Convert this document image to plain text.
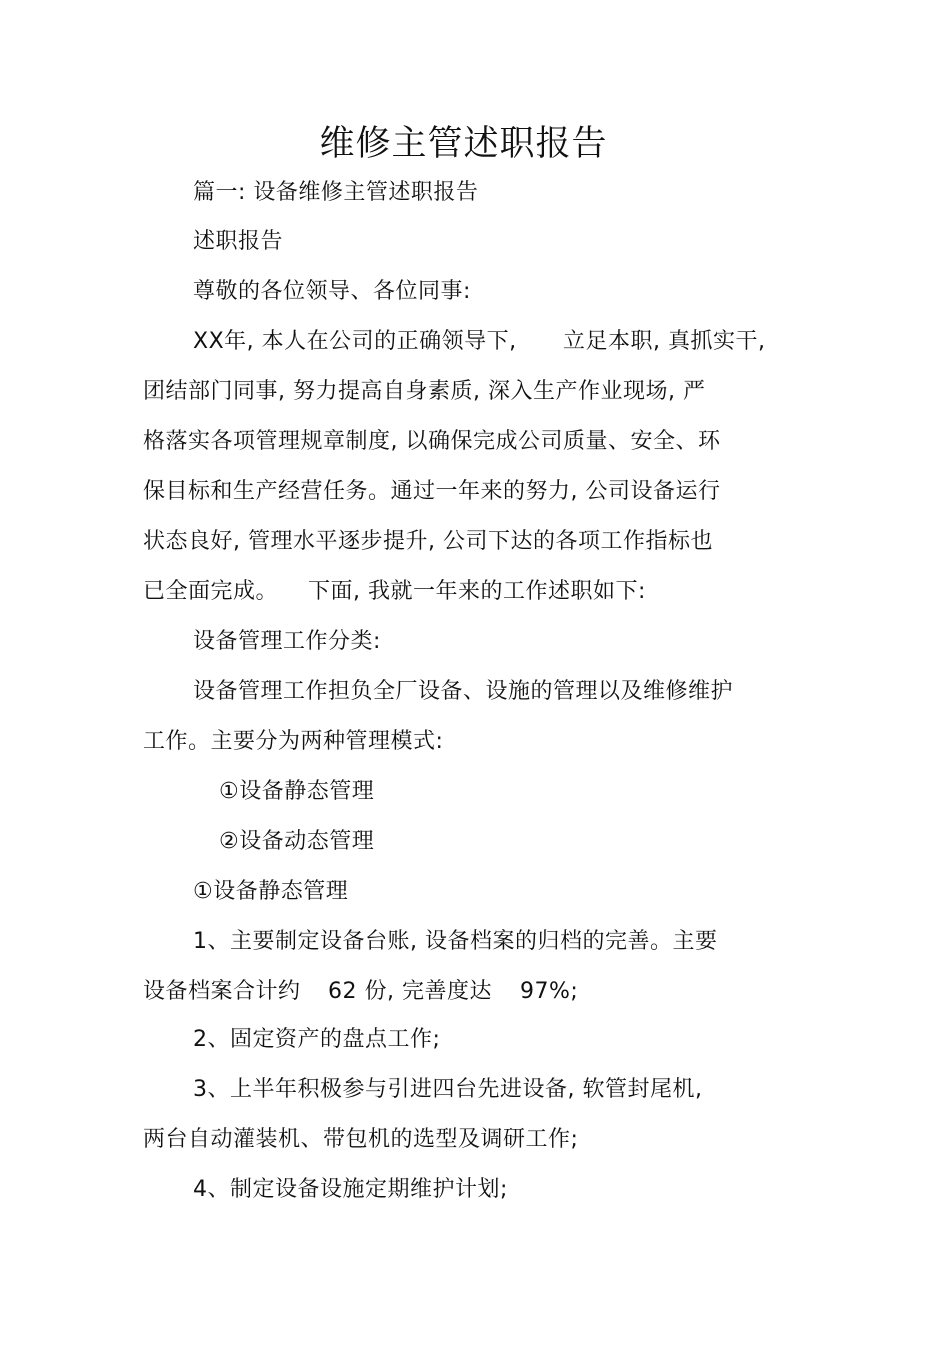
维修主管述职报告
篇一: 设备维修主管述职报告
述职报告
尊敬的各位领导、各位同事:
XX年, 本人在公司的正确领导下, 立足本职, 真抓实干,
团结部门同事, 努力提高自身素质, 深入生产作业现场, 严
格落实各项管理规章制度, 以确保完成公司质量、安全、环
保目标和生产经营任务。通过一年来的努力, 公司设备运行
状态良好, 管理水平逐步提升, 公司下达的各项工作指标也
已全面完成。 下面, 我就一年来的工作述职如下:
设备管理工作分类:
设备管理工作担负全厂设备、设施的管理以及维修维护
工作。主要分为两种管理模式:
①设备静态管理
②设备动态管理
①设备静态管理
1、主要制定设备台账, 设备档案的归档的完善。主要
设备档案合计约 62 份, 完善度达 97%;
2、固定资产的盘点工作;
3、上半年积极参与引进四台先进设备, 软管封尾机,
两台自动灌装机、带包机的选型及调研工作;
4、制定设备设施定期维护计划;
